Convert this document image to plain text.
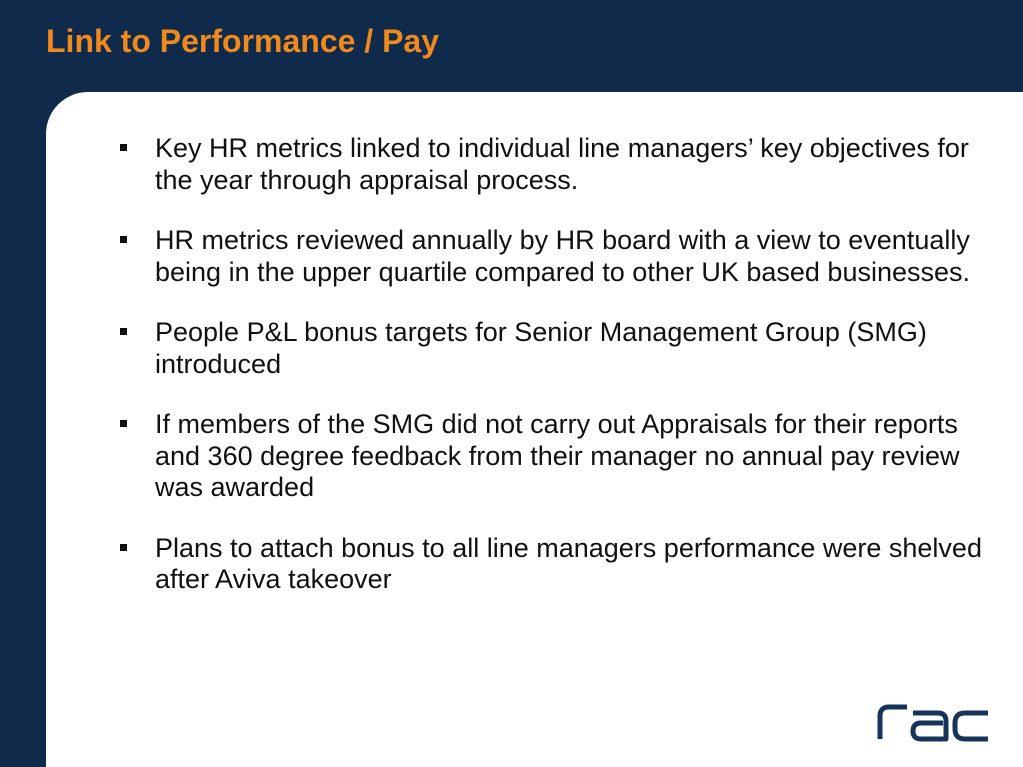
Link to Performance / Pay
Key HR metrics linked to individual line managers’ key objectives for the year through appraisal process.
HR metrics reviewed annually by HR board with a view to eventually being in the upper quartile compared to other UK based businesses.
People P&L bonus targets for Senior Management Group (SMG) introduced
If members of the SMG did not carry out Appraisals for their reports and 360 degree feedback from their manager no annual pay review was awarded
Plans to attach bonus to all line managers performance were shelved after Aviva takeover
